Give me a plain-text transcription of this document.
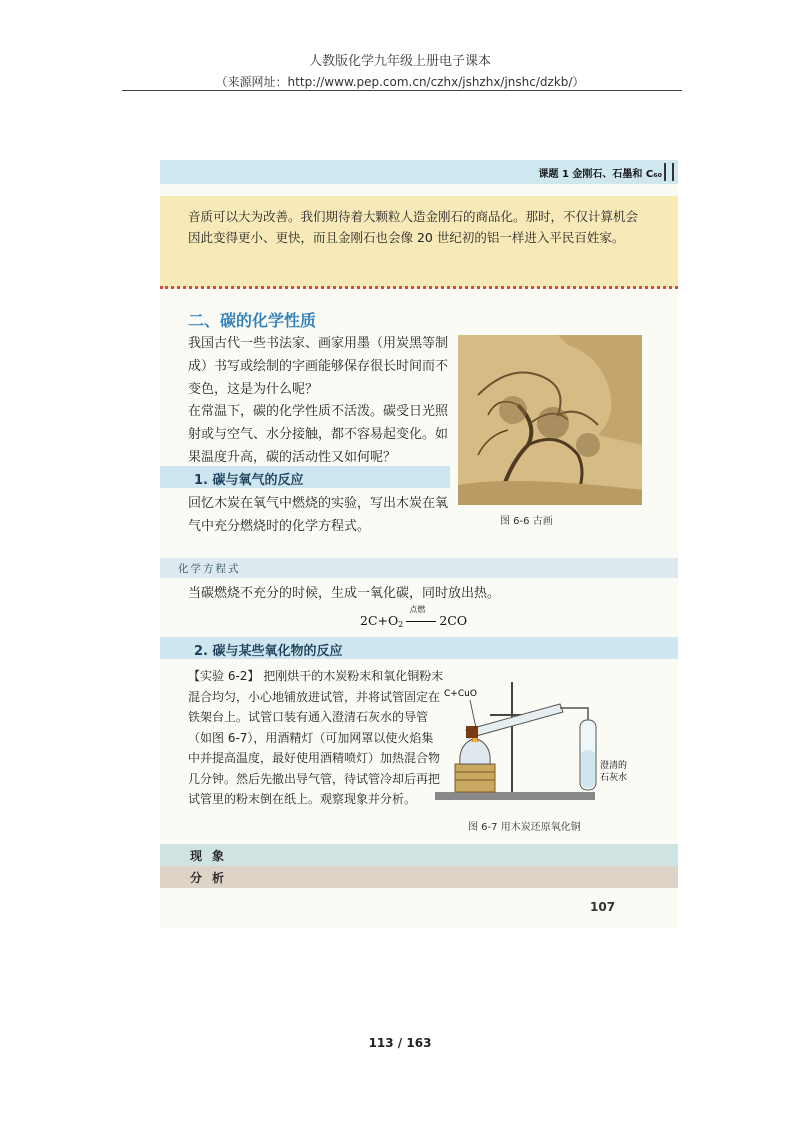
人教版化学九年级上册电子课本
（来源网址：http://www.pep.com.cn/czhx/jshzhx/jnshc/dzkb/）
课题 1 金刚石、石墨和 C₆₀

音质可以大为改善。我们期待着大颗粒人造金刚石的商品化。那时，不仅计算机会因此变得更小、更快，而且金刚石也会像 20 世纪初的铝一样进入平民百姓家。

二、碳的化学性质

我国古代一些书法家、画家用墨（用炭黑等制成）书写或绘制的字画能够保存很长时间而不变色，这是为什么呢？

在常温下，碳的化学性质不活泼。碳受日光照射或与空气、水分接触，都不容易起变化。如果温度升高，碳的活动性又如何呢？

图 6-6 古画
1. 碳与氧气的反应

回忆木炭在氧气中燃烧的实验，写出木炭在氧气中充分燃烧时的化学方程式。

化学方程式

当碳燃烧不充分的时候，生成一氧化碳，同时放出热。

$2C+O_2$
点燃
2CO
2. 碳与某些氧化物的反应

【实验 6-2】 把刚烘干的木炭粉末和氧化铜粉末混合均匀，小心地铺放进试管，并将试管固定在铁架台上。试管口装有通入澄清石灰水的导管（如图 6-7），用酒精灯（可加网罩以使火焰集中并提高温度，最好使用酒精喷灯）加热混合物几分钟。然后先撤出导气管，待试管冷却后再把试管里的粉末倒在纸上。观察现象并分析。

C+CuO
澄清的
石灰水
图 6-7 用木炭还原氧化铜
现象
分析
107
113 / 163
